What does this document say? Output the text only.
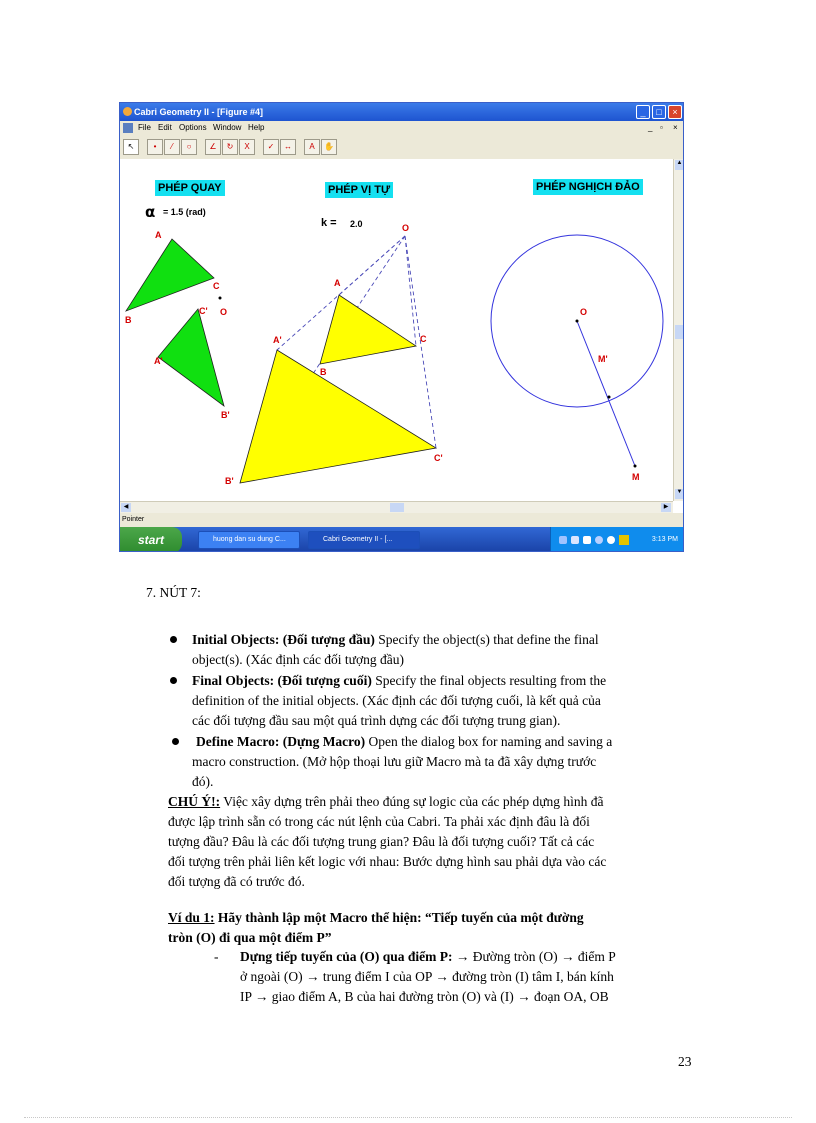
Cabri Geometry II - [Figure #4]	_	□	×
File Edit Options Window Help	_ ▫ ×
↖	•	⁄	○	∠	↻	X	✓	↔	A	✋
PHÉP QUAY
α = 1.5 (rad)
PHÉP VỊ TỰ
k = 2.0
PHÉP NGHỊCH ĐẢO
A
C
B
C' O
A'
B'
O
A
C
B
A'
C'
B'
O
M'
M
▲
▼
◀	▶
Pointer
start	huong dan su dung C...	Cabri Geometry II - [...	3:13 PM
7. NÚT 7:
Initial Objects: (Đối tượng đầu) Specify the object(s) that define the final
object(s). (Xác định các đối tượng đầu)
Final Objects: (Đối tượng cuối) Specify the final objects resulting from the
definition of the initial objects. (Xác định các đối tượng cuối, là kết quả của
các đối tượng đầu sau một quá trình dựng các đối tượng trung gian).
Define Macro: (Dựng Macro) Open the dialog box for naming and saving a
macro construction. (Mở hộp thoại lưu giữ Macro mà ta đã xây dựng trước
đó).
CHÚ Ý!: Việc xây dựng trên phải theo đúng sự logic của các phép dựng hình đã
được lập trình sẵn có trong các nút lệnh của Cabri. Ta phải xác định đâu là đối
tượng đầu? Đâu là các đối tượng trung gian? Đâu là đối tượng cuối? Tất cả các
đối tượng trên phải liên kết logic với nhau: Bước dựng hình sau phải dựa vào các
đối tượng đã có trước đó.
Ví du 1: Hãy thành lập một Macro thể hiện: “Tiếp tuyến của một đường
tròn (O) đi qua một điểm P”
- Dựng tiếp tuyến của (O) qua điểm P: → Đường tròn (O) → điểm P
ở ngoài (O) → trung điểm I của OP → đường tròn (I) tâm I, bán kính
IP → giao điểm A, B của hai đường tròn (O) và (I) → đoạn OA, OB
23
